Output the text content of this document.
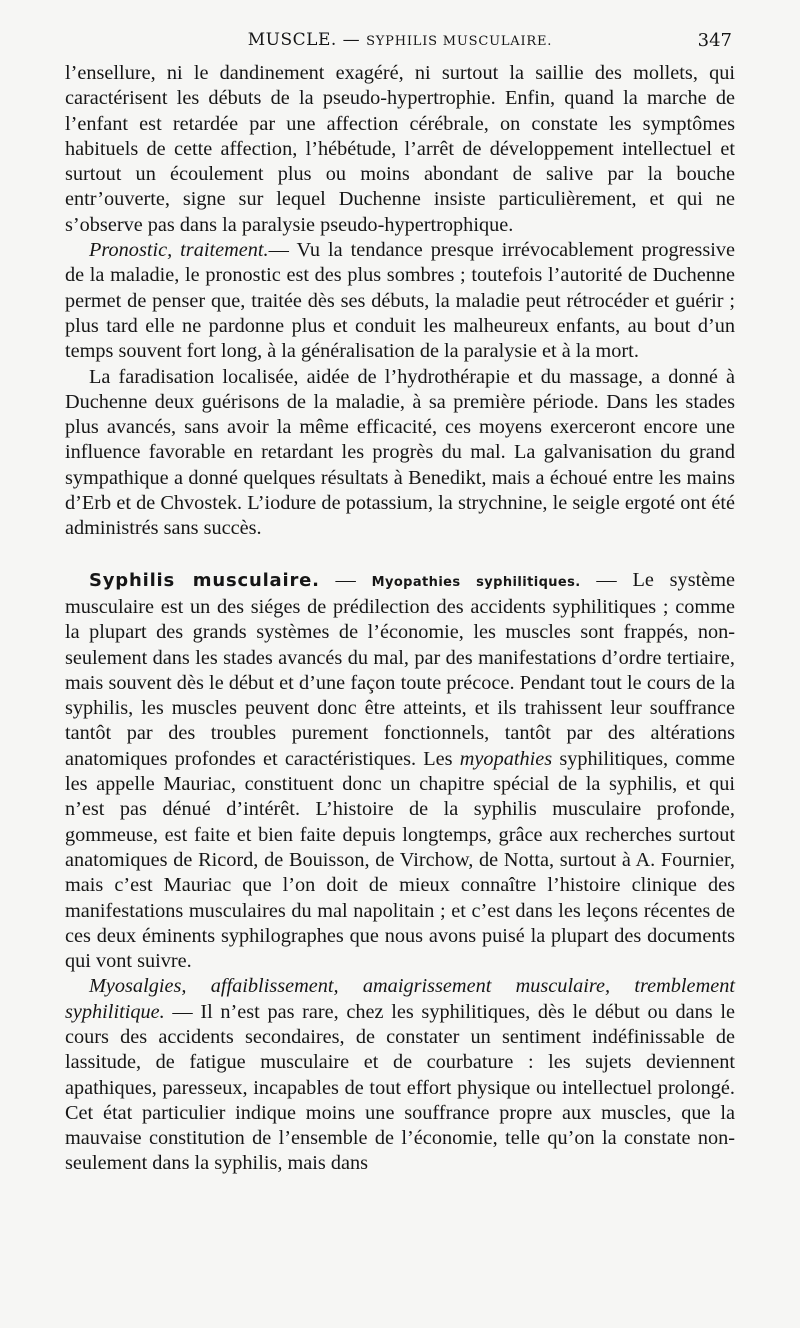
MUSCLE. — SYPHILIS MUSCULAIRE.	347

l’ensellure, ni le dandinement exagéré, ni surtout la saillie des mollets, qui caractérisent les débuts de la pseudo-hypertrophie. Enfin, quand la marche de l’enfant est retardée par une affection cérébrale, on constate les symptômes habituels de cette affection, l’hébétude, l’arrêt de développement intellectuel et surtout un écoulement plus ou moins abondant de salive par la bouche entr’ouverte, signe sur lequel Duchenne insiste particulièrement, et qui ne s’observe pas dans la paralysie pseudo-hypertrophique.

Pronostic, traitement.— Vu la tendance presque irrévocablement progressive de la maladie, le pronostic est des plus sombres ; toutefois l’autorité de Duchenne permet de penser que, traitée dès ses débuts, la maladie peut rétrocéder et guérir ; plus tard elle ne pardonne plus et conduit les malheureux enfants, au bout d’un temps souvent fort long, à la généralisation de la paralysie et à la mort.

La faradisation localisée, aidée de l’hydrothérapie et du massage, a donné à Duchenne deux guérisons de la maladie, à sa première période. Dans les stades plus avancés, sans avoir la même efficacité, ces moyens exerceront encore une influence favorable en retardant les progrès du mal. La galvanisation du grand sympathique a donné quelques résultats à Benedikt, mais a échoué entre les mains d’Erb et de Chvostek. L’iodure de potassium, la strychnine, le seigle ergoté ont été administrés sans succès.

Syphilis musculaire. — Myopathies syphilitiques. — Le système musculaire est un des siéges de prédilection des accidents syphilitiques ; comme la plupart des grands systèmes de l’économie, les muscles sont frappés, non-seulement dans les stades avancés du mal, par des manifestations d’ordre tertiaire, mais souvent dès le début et d’une façon toute précoce. Pendant tout le cours de la syphilis, les muscles peuvent donc être atteints, et ils trahissent leur souffrance tantôt par des troubles purement fonctionnels, tantôt par des altérations anatomiques profondes et caractéristiques. Les myopathies syphilitiques, comme les appelle Mauriac, constituent donc un chapitre spécial de la syphilis, et qui n’est pas dénué d’intérêt. L’histoire de la syphilis musculaire profonde, gommeuse, est faite et bien faite depuis longtemps, grâce aux recherches surtout anatomiques de Ricord, de Bouisson, de Virchow, de Notta, surtout à A. Fournier, mais c’est Mauriac que l’on doit de mieux connaître l’histoire clinique des manifestations musculaires du mal napolitain ; et c’est dans les leçons récentes de ces deux éminents syphilographes que nous avons puisé la plupart des documents qui vont suivre.

Myosalgies, affaiblissement, amaigrissement musculaire, tremblement syphilitique. — Il n’est pas rare, chez les syphilitiques, dès le début ou dans le cours des accidents secondaires, de constater un sentiment indéfinissable de lassitude, de fatigue musculaire et de courbature : les sujets deviennent apathiques, paresseux, incapables de tout effort physique ou intellectuel prolongé. Cet état particulier indique moins une souffrance propre aux muscles, que la mauvaise constitution de l’ensemble de l’économie, telle qu’on la constate non-seulement dans la syphilis, mais dans
